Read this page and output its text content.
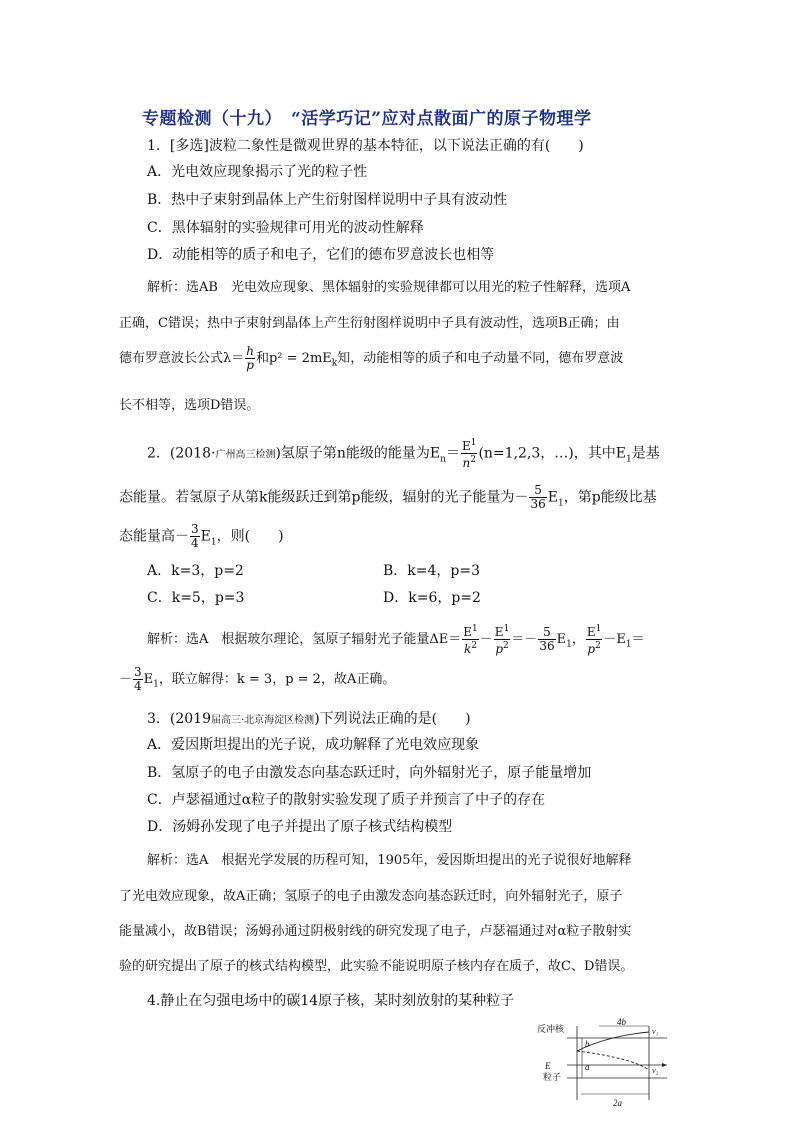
专题检测（十九）　“活学巧记”应对点散面广的原子物理学
1．[多选]波粒二象性是微观世界的基本特征，以下说法正确的有(　　)
A．光电效应现象揭示了光的粒子性
B．热中子束射到晶体上产生衍射图样说明中子具有波动性
C．黑体辐射的实验规律可用光的波动性解释
D．动能相等的质子和电子，它们的德布罗意波长也相等
解析：选AB　光电效应现象、黑体辐射的实验规律都可以用光的粒子性解释，选项A
正确，C错误；热中子束射到晶体上产生衍射图样说明中子具有波动性，选项B正确；由
德布罗意波长公式$\lambda= \frac{h}{p}$ 和$p^2 = 2mE_k$知，动能相等的质子和电子动量不同，德布罗意波
长不相等，选项D错误。
2．(2018·广州高三检测)氢原子第n能级的能量为$E_n= \frac{E^1}{n^2} (n=1,2,3$，…)，其中$E_1$是基
态能量。若氢原子从第k能级跃迁到第p能级，辐射的光子能量为－ $\frac{5}{36} E_1$，第p能级比基
态能量高－ $\frac{3}{4} E_1$，则(　　)
A．k=3，p=2	B．k=4，p=3
C．k=5，p=3	D．k=6，p=2
解析：选A　根据玻尔理论，氢原子辐射光子能量$\Delta E= \frac{E^1}{k^2} - \frac{E^1}{p^2} =- \frac{5}{36} E_1$， $\frac{E^1}{p^2} -E_1=$
－ $\frac{3}{4} E_1$，联立解得：k = 3，p = 2，故A正确。
3．(2019届高三·北京海淀区检测)下列说法正确的是(　　)
A．爱因斯坦提出的光子说，成功解释了光电效应现象
B．氢原子的电子由激发态向基态跃迁时，向外辐射光子，原子能量增加
C．卢瑟福通过α粒子的散射实验发现了质子并预言了中子的存在
D．汤姆孙发现了电子并提出了原子核式结构模型
解析：选A　根据光学发展的历程可知，1905年，爱因斯坦提出的光子说很好地解释
了光电效应现象，故A正确；氢原子的电子由激发态向基态跃迁时，向外辐射光子，原子
能量减小，故B错误；汤姆孙通过阴极射线的研究发现了电子，卢瑟福通过对α粒子散射实
验的研究提出了原子的核式结构模型，此实验不能说明原子核内存在质子，故C、D错误。
4.静止在匀强电场中的碳14原子核，某时刻放射的某种粒子
反冲核
E
粒子
4b
b
a
2a
v₁
v₂
